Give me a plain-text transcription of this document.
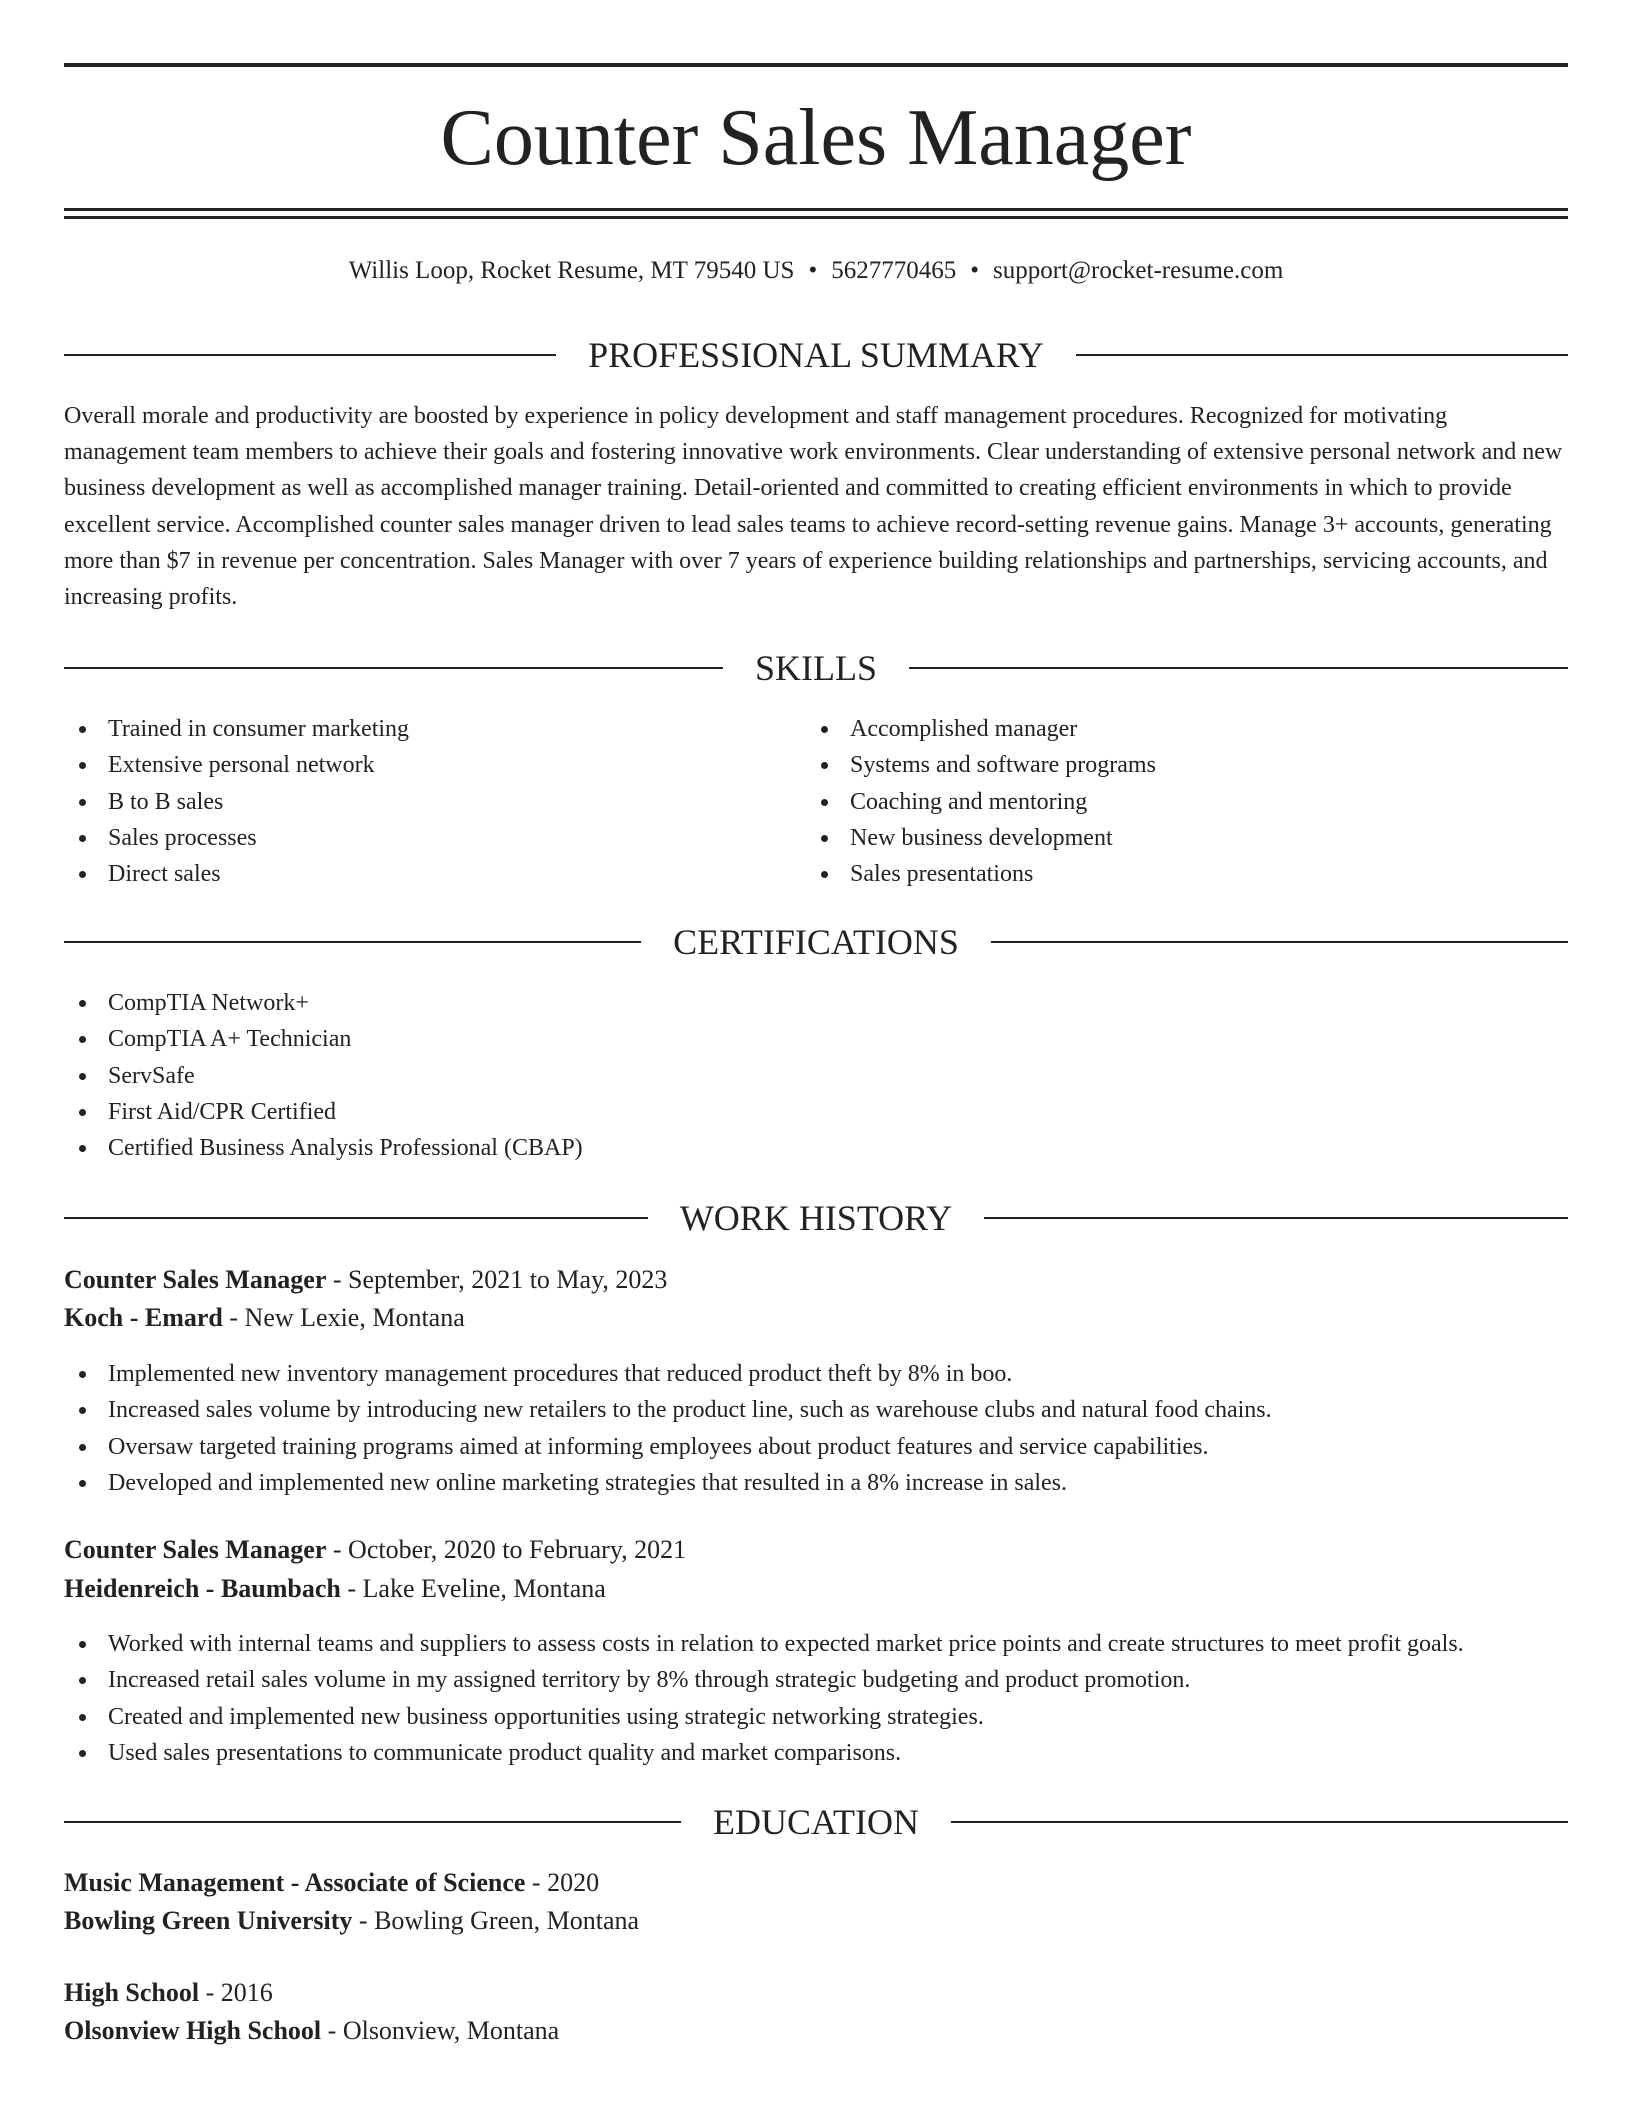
Counter Sales Manager
Willis Loop, Rocket Resume, MT 79540 US • 5627770465 • support@rocket-resume.com
PROFESSIONAL SUMMARY

Overall morale and productivity are boosted by experience in policy development and staff management procedures. Recognized for motivating management team members to achieve their goals and fostering innovative work environments. Clear understanding of extensive personal network and new business development as well as accomplished manager training. Detail-oriented and committed to creating efficient environments in which to provide excellent service. Accomplished counter sales manager driven to lead sales teams to achieve record-setting revenue gains. Manage 3+ accounts, generating more than $7 in revenue per concentration. Sales Manager with over 7 years of experience building relationships and partnerships, servicing accounts, and increasing profits.

SKILLS
Trained in consumer marketing
Extensive personal network
B to B sales
Sales processes
Direct sales
Accomplished manager
Systems and software programs
Coaching and mentoring
New business development
Sales presentations
CERTIFICATIONS
CompTIA Network+
CompTIA A+ Technician
ServSafe
First Aid/CPR Certified
Certified Business Analysis Professional (CBAP)
WORK HISTORY
Counter Sales Manager - September, 2021 to May, 2023
Koch - Emard - New Lexie, Montana
Implemented new inventory management procedures that reduced product theft by 8% in boo.
Increased sales volume by introducing new retailers to the product line, such as warehouse clubs and natural food chains.
Oversaw targeted training programs aimed at informing employees about product features and service capabilities.
Developed and implemented new online marketing strategies that resulted in a 8% increase in sales.
Counter Sales Manager - October, 2020 to February, 2021
Heidenreich - Baumbach - Lake Eveline, Montana
Worked with internal teams and suppliers to assess costs in relation to expected market price points and create structures to meet profit goals.
Increased retail sales volume in my assigned territory by 8% through strategic budgeting and product promotion.
Created and implemented new business opportunities using strategic networking strategies.
Used sales presentations to communicate product quality and market comparisons.
EDUCATION
Music Management - Associate of Science - 2020
Bowling Green University - Bowling Green, Montana
High School - 2016
Olsonview High School - Olsonview, Montana
